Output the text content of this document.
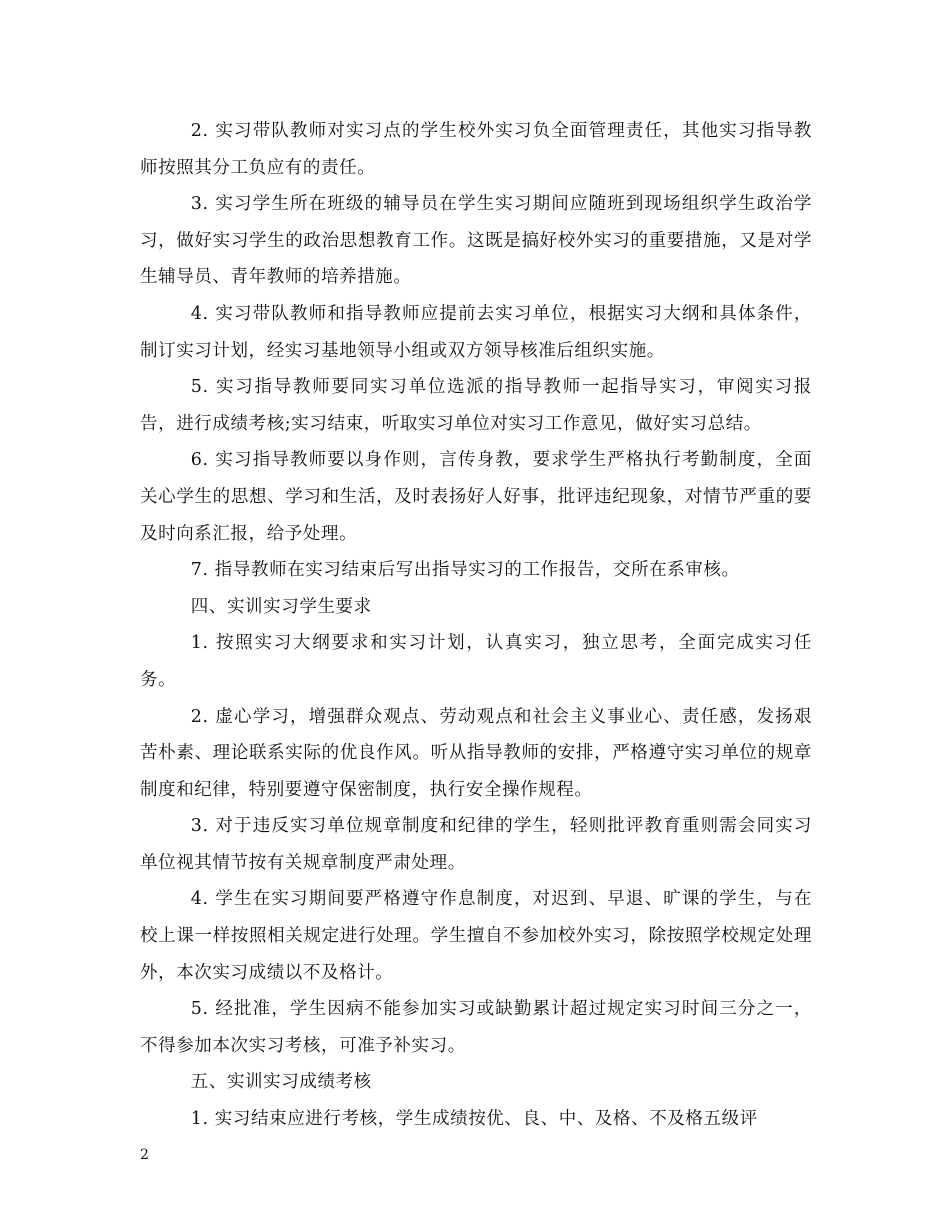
2. 实习带队教师对实习点的学生校外实习负全面管理责任，其他实习指导教师按照其分工负应有的责任。

3. 实习学生所在班级的辅导员在学生实习期间应随班到现场组织学生政治学习，做好实习学生的政治思想教育工作。这既是搞好校外实习的重要措施，又是对学生辅导员、青年教师的培养措施。

4. 实习带队教师和指导教师应提前去实习单位，根据实习大纲和具体条件，制订实习计划，经实习基地领导小组或双方领导核准后组织实施。

5. 实习指导教师要同实习单位选派的指导教师一起指导实习，审阅实习报告，进行成绩考核;实习结束，听取实习单位对实习工作意见，做好实习总结。

6. 实习指导教师要以身作则，言传身教，要求学生严格执行考勤制度，全面关心学生的思想、学习和生活，及时表扬好人好事，批评违纪现象，对情节严重的要及时向系汇报，给予处理。

7. 指导教师在实习结束后写出指导实习的工作报告，交所在系审核。

四、实训实习学生要求

1. 按照实习大纲要求和实习计划，认真实习，独立思考，全面完成实习任务。

2. 虚心学习，增强群众观点、劳动观点和社会主义事业心、责任感，发扬艰苦朴素、理论联系实际的优良作风。听从指导教师的安排，严格遵守实习单位的规章制度和纪律，特别要遵守保密制度，执行安全操作规程。

3. 对于违反实习单位规章制度和纪律的学生，轻则批评教育重则需会同实习单位视其情节按有关规章制度严肃处理。

4. 学生在实习期间要严格遵守作息制度，对迟到、早退、旷课的学生，与在校上课一样按照相关规定进行处理。学生擅自不参加校外实习，除按照学校规定处理外，本次实习成绩以不及格计。

5. 经批准，学生因病不能参加实习或缺勤累计超过规定实习时间三分之一，不得参加本次实习考核，可准予补实习。

五、实训实习成绩考核

1. 实习结束应进行考核，学生成绩按优、良、中、及格、不及格五级评

2
